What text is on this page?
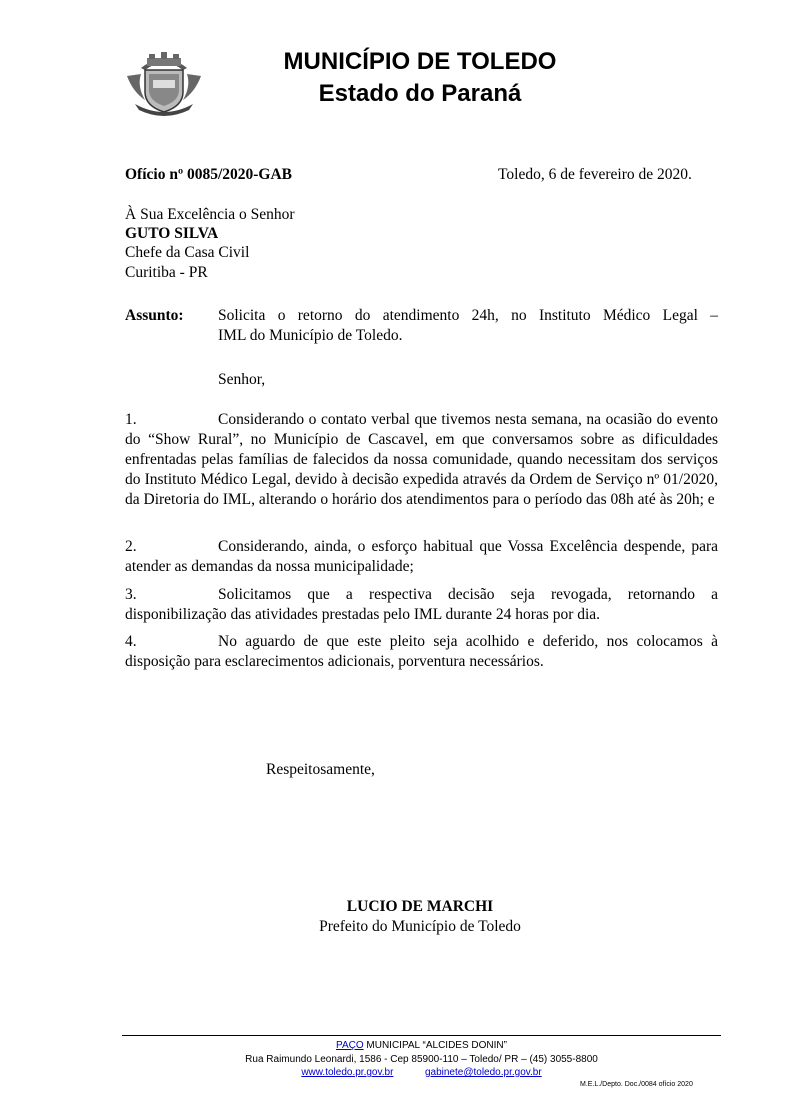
MUNICÍPIO DE TOLEDO
Estado do Paraná
Ofício nº 0085/2020-GAB	Toledo, 6 de fevereiro de 2020.
À Sua Excelência o Senhor
GUTO SILVA
Chefe da Casa Civil
Curitiba - PR
Assunto: Solicita o retorno do atendimento 24h, no Instituto Médico Legal –
IML do Município de Toledo.
Senhor,
1.	Considerando o contato verbal que tivemos nesta semana, na ocasião do evento do “Show Rural”, no Município de Cascavel, em que conversamos sobre as dificuldades enfrentadas pelas famílias de falecidos da nossa comunidade, quando necessitam dos serviços do Instituto Médico Legal, devido à decisão expedida através da Ordem de Serviço nº 01/2020, da Diretoria do IML, alterando o horário dos atendimentos para o período das 08h até às 20h; e
2.	Considerando, ainda, o esforço habitual que Vossa Excelência despende, para atender as demandas da nossa municipalidade;
3.	Solicitamos que a respectiva decisão seja revogada, retornando a disponibilização das atividades prestadas pelo IML durante 24 horas por dia.
4.	No aguardo de que este pleito seja acolhido e deferido, nos colocamos à disposição para esclarecimentos adicionais, porventura necessários.
Respeitosamente,
LUCIO DE MARCHI
Prefeito do Município de Toledo
PAÇO MUNICIPAL “ALCIDES DONIN”
Rua Raimundo Leonardi, 1586 - Cep 85900-110 – Toledo/ PR – (45) 3055-8800
www.toledo.pr.gov.br	gabinete@toledo.pr.gov.br
M.E.L./Depto. Doc./0084 ofício 2020
